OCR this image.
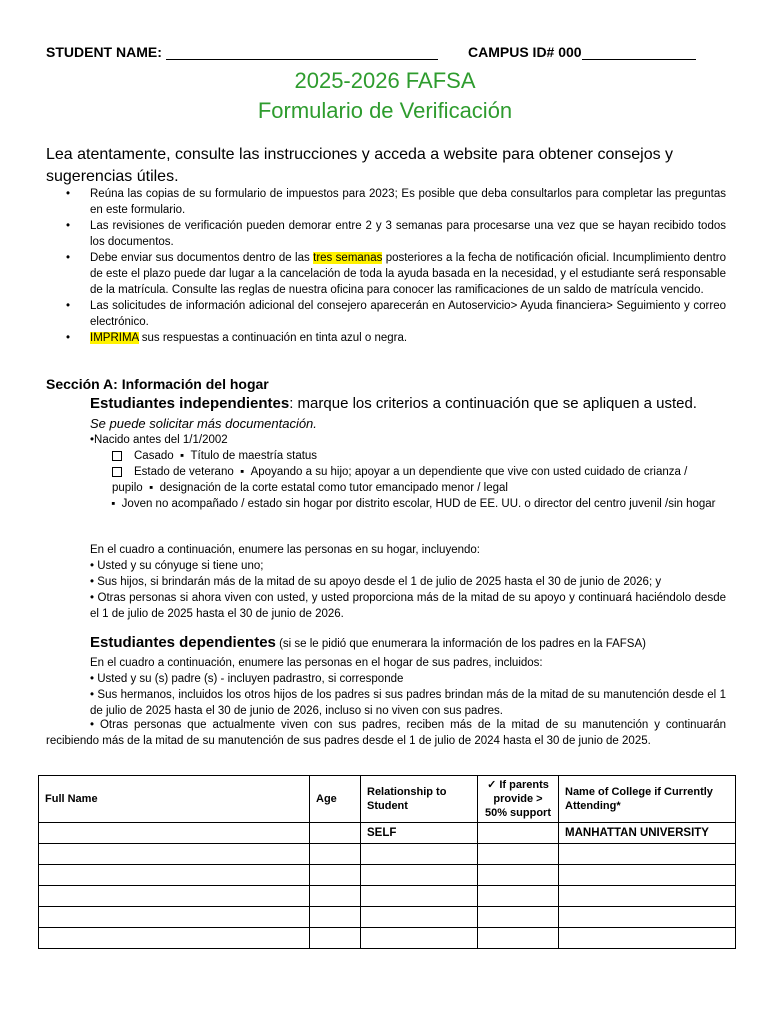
STUDENT NAME:	CAMPUS ID# 000
2025-2026 FAFSA
Formulario de Verificación
Lea atentamente, consulte las instrucciones y acceda a website para obtener consejos y sugerencias útiles.
• Reúna las copias de su formulario de impuestos para 2023; Es posible que deba consultarlos para completar las preguntas en este formulario.
• Las revisiones de verificación pueden demorar entre 2 y 3 semanas para procesarse una vez que se hayan recibido todos los documentos.
• Debe enviar sus documentos dentro de las tres semanas posteriores a la fecha de notificación oficial. Incumplimiento dentro de este el plazo puede dar lugar a la cancelación de toda la ayuda basada en la necesidad, y el estudiante será responsable de la matrícula. Consulte las reglas de nuestra oficina para conocer las ramificaciones de un saldo de matrícula vencido.
• Las solicitudes de información adicional del consejero aparecerán en Autoservicio> Ayuda financiera> Seguimiento y correo electrónico.
• IMPRIMA sus respuestas a continuación en tinta azul o negra.
Sección A: Información del hogar
Estudiantes independientes: marque los criterios a continuación que se apliquen a usted.
Se puede solicitar más documentación.
•Nacido antes del 1/1/2002
Casado  ▪  Título de maestría status
Estado de veterano  ▪  Apoyando a su hijo; apoyar a un dependiente que vive con usted cuidado de crianza / pupilo  ▪  designación de la corte estatal como tutor emancipado menor / legal
▪  Joven no acompañado / estado sin hogar por distrito escolar, HUD de EE. UU. o director del centro juvenil /sin hogar
En el cuadro a continuación, enumere las personas en su hogar, incluyendo:
• Usted y su cónyuge si tiene uno;
• Sus hijos, si brindarán más de la mitad de su apoyo desde el 1 de julio de 2025 hasta el 30 de junio de 2026; y
• Otras personas si ahora viven con usted, y usted proporciona más de la mitad de su apoyo y continuará haciéndolo desde el 1 de julio de 2025 hasta el 30 de junio de 2026.
Estudiantes dependientes (si se le pidió que enumerara la información de los padres en la FAFSA)
En el cuadro a continuación, enumere las personas en el hogar de sus padres, incluidos:
• Usted y su (s) padre (s) - incluyen padrastro, si corresponde
• Sus hermanos, incluidos los otros hijos de los padres si sus padres brindan más de la mitad de su manutención desde el 1 de julio de 2025 hasta el 30 de junio de 2026, incluso si no viven con sus padres.
• Otras personas que actualmente viven con sus padres, reciben más de la mitad de su manutención y continuarán recibiendo más de la mitad de su manutención de sus padres desde el 1 de julio de 2024 hasta el 30 de junio de 2025.
Full Name	Age	Relationship to Student	✓ If parents provide > 50% support	Name of College if Currently Attending*
		SELF		MANHATTAN UNIVERSITY
